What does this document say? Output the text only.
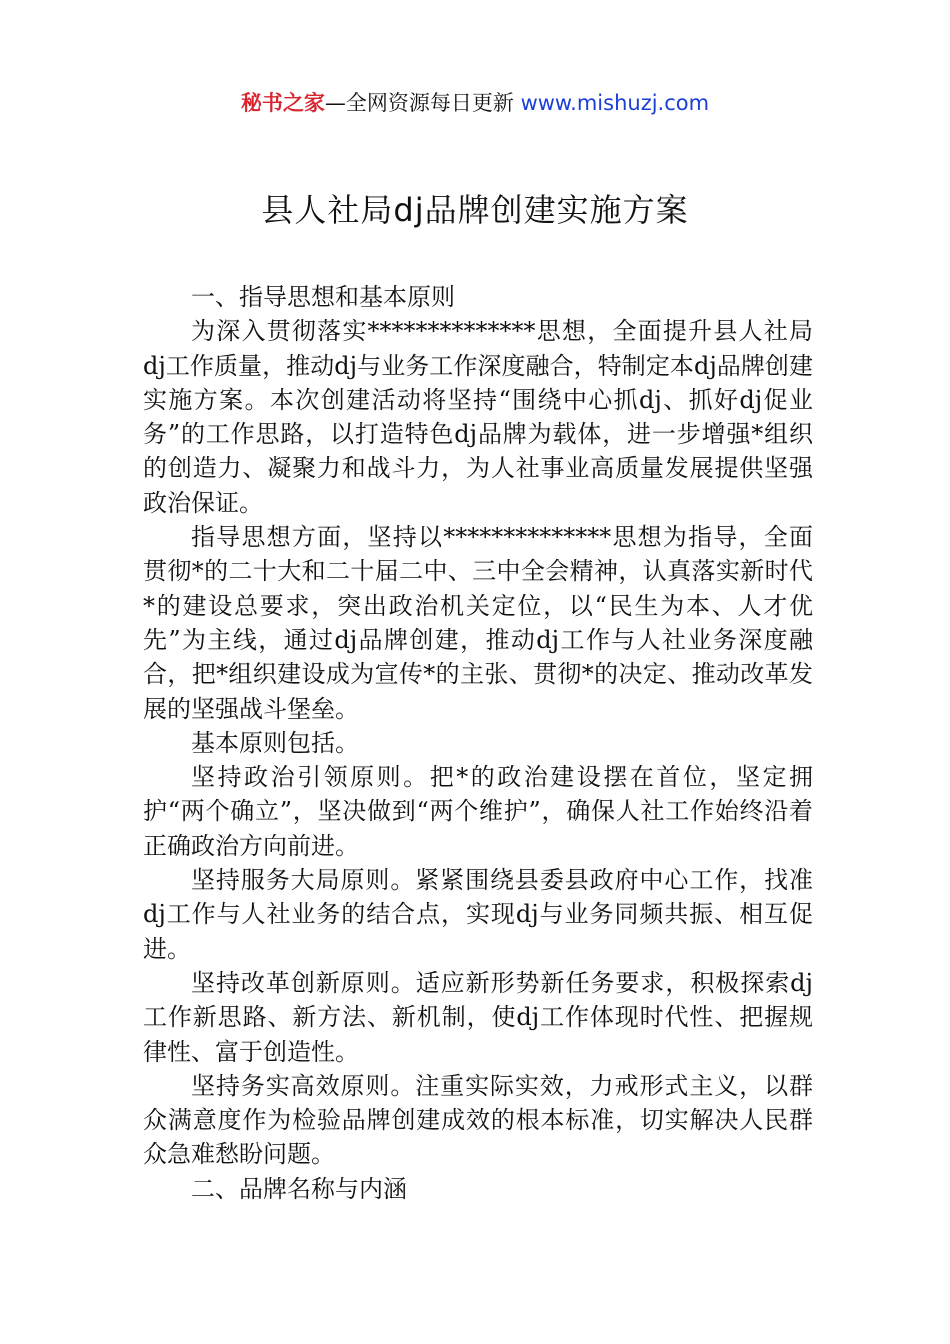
秘书之家—全网资源每日更新 www.mishuzj.com
县人社局dj品牌创建实施方案

一、指导思想和基本原则

为深入贯彻落实**************思想，全面提升县人社局dj工作质量，推动dj与业务工作深度融合，特制定本dj品牌创建实施方案。本次创建活动将坚持“围绕中心抓dj、抓好dj促业务”的工作思路，以打造特色dj品牌为载体，进一步增强*组织的创造力、凝聚力和战斗力，为人社事业高质量发展提供坚强政治保证。

指导思想方面，坚持以**************思想为指导，全面贯彻*的二十大和二十届二中、三中全会精神，认真落实新时代*的建设总要求，突出政治机关定位，以“民生为本、人才优先”为主线，通过dj品牌创建，推动dj工作与人社业务深度融合，把*组织建设成为宣传*的主张、贯彻*的决定、推动改革发展的坚强战斗堡垒。

基本原则包括。

坚持政治引领原则。把*的政治建设摆在首位，坚定拥护“两个确立”，坚决做到“两个维护”，确保人社工作始终沿着正确政治方向前进。

坚持服务大局原则。紧紧围绕县委县政府中心工作，找准dj工作与人社业务的结合点，实现dj与业务同频共振、相互促进。

坚持改革创新原则。适应新形势新任务要求，积极探索dj工作新思路、新方法、新机制，使dj工作体现时代性、把握规律性、富于创造性。

坚持务实高效原则。注重实际实效，力戒形式主义，以群众满意度作为检验品牌创建成效的根本标准，切实解决人民群众急难愁盼问题。

二、品牌名称与内涵
